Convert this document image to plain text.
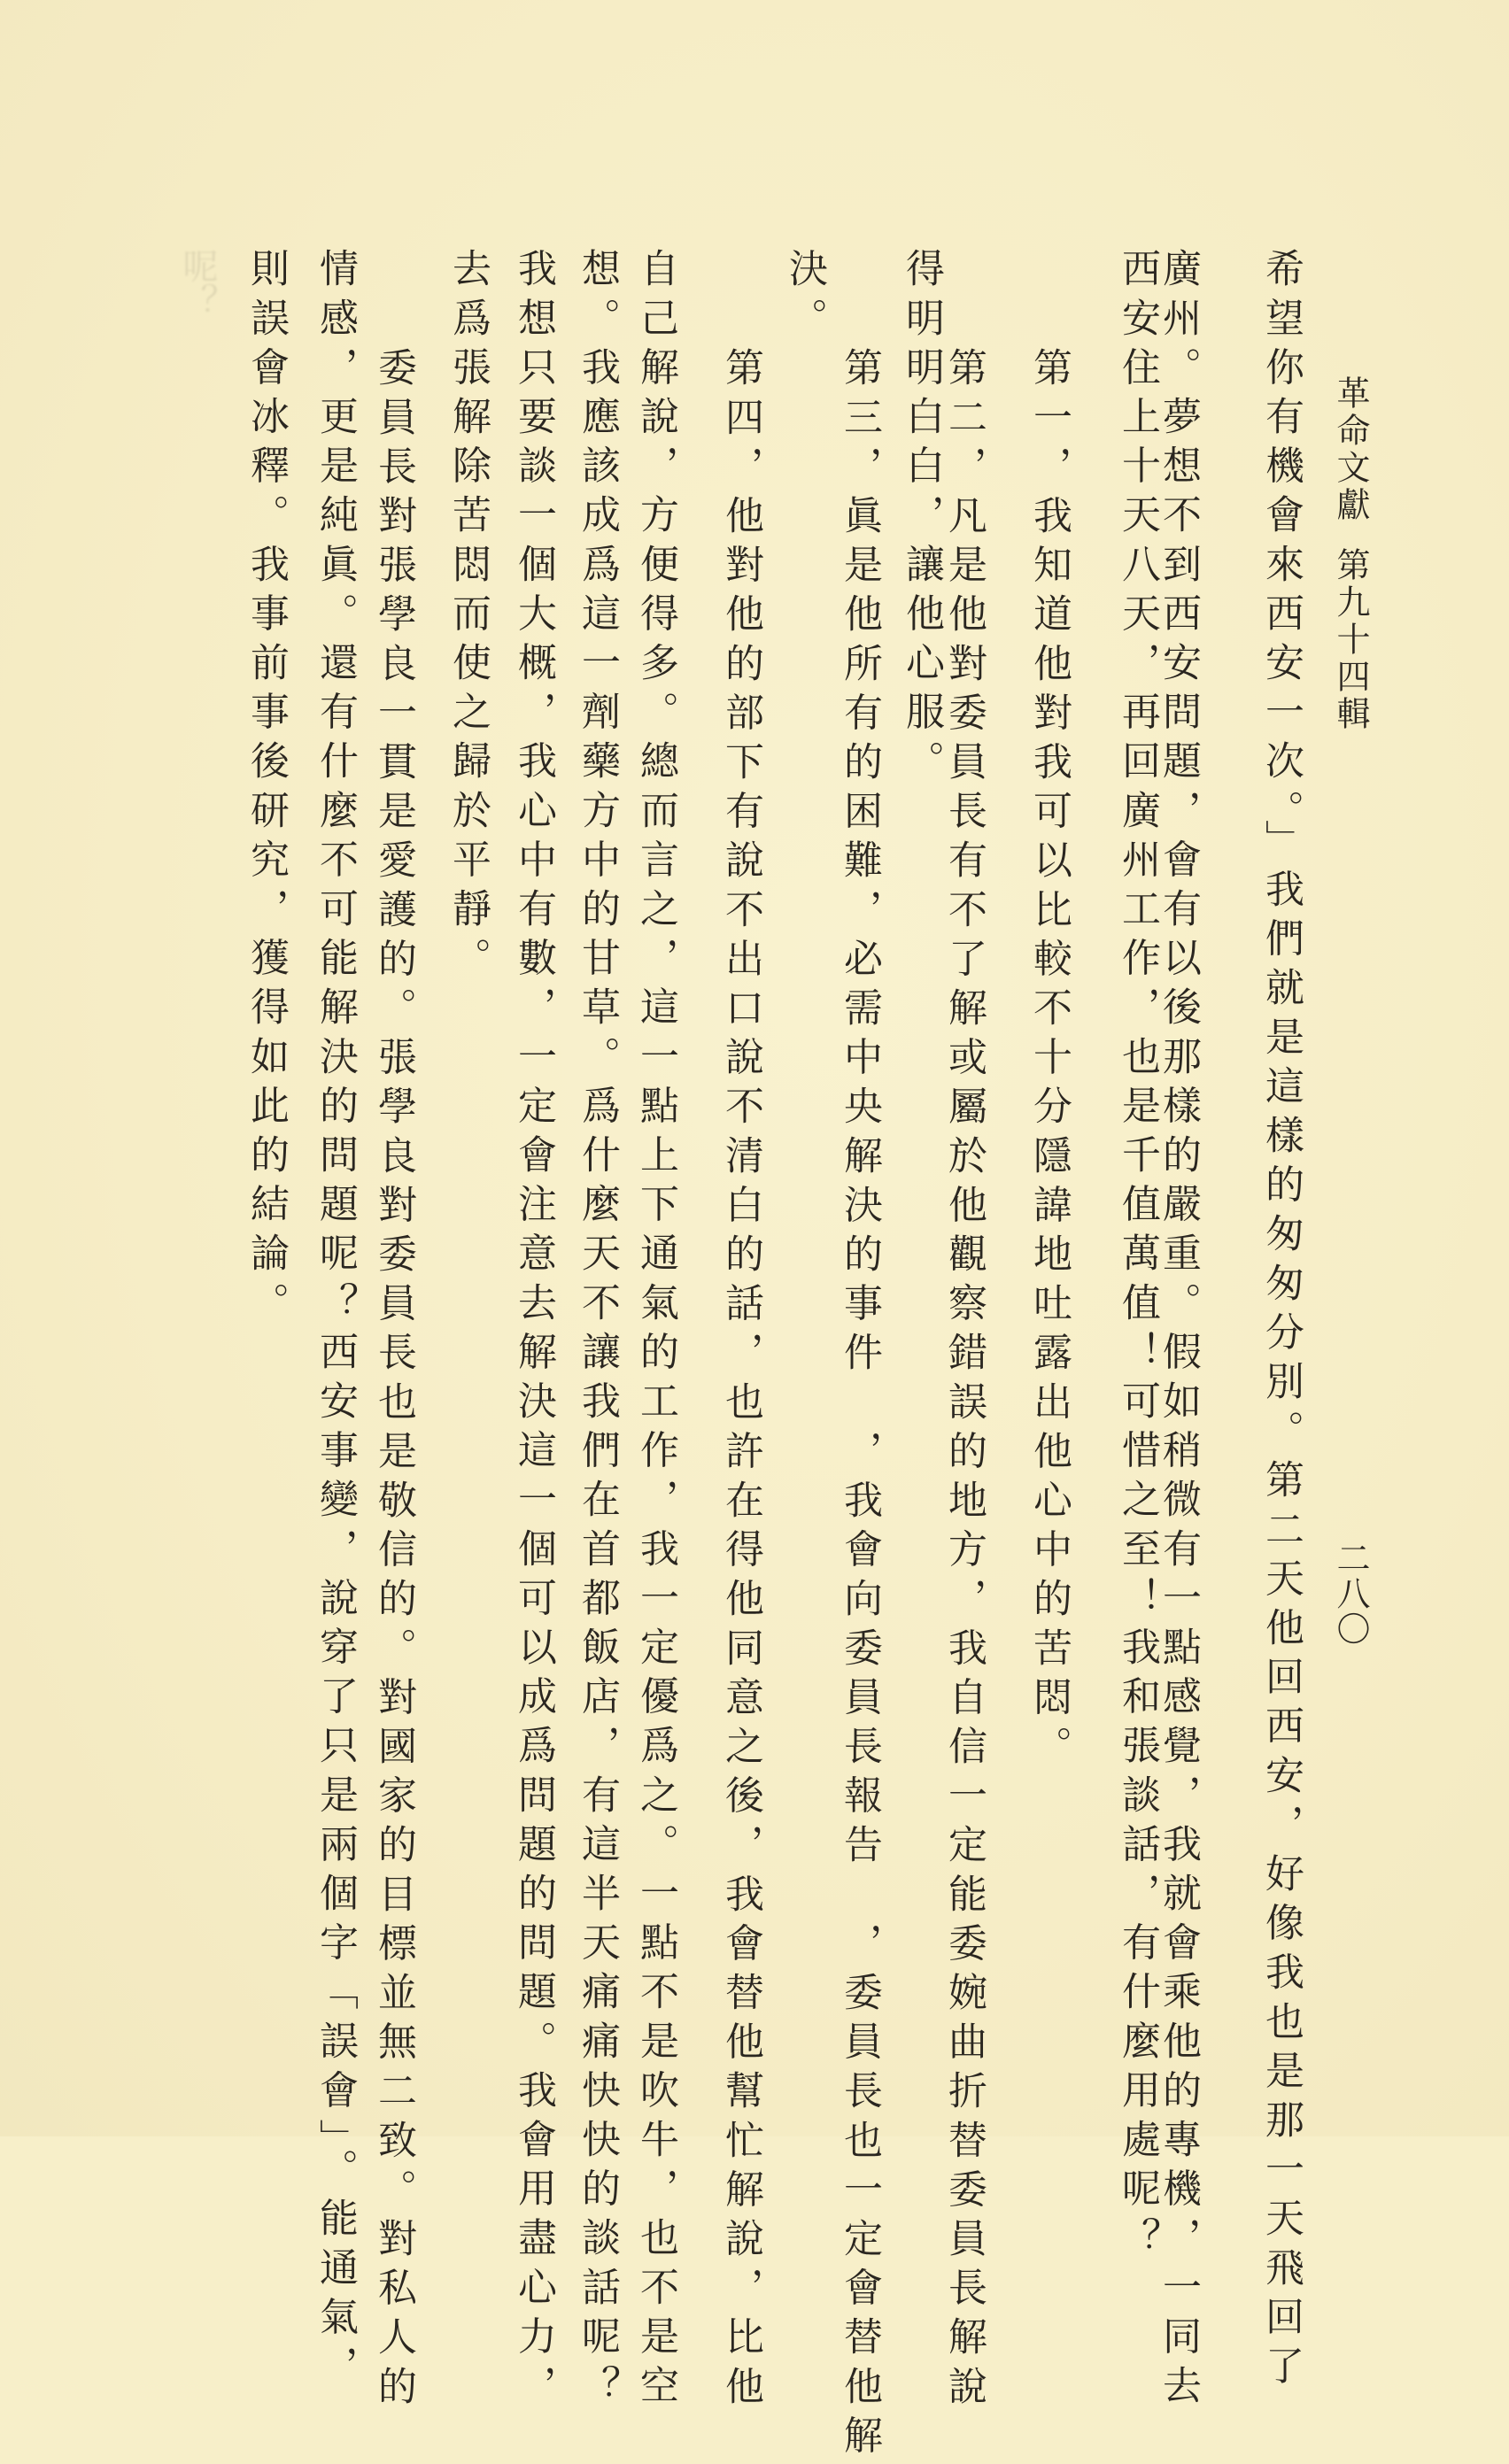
革命文獻第九十四輯
二八〇
希望你有機會來西安一次。」我們就是這樣的匆匆分別。第二天他回西安，好像我也是那一天飛回了
廣州。夢想不到西安問題，會有以後那樣的嚴重。假如稍微有一點感覺，我就會乘他的專機，一同去
西安住上十天八天，再回廣州工作，也是千值萬值！可惜之至！我和張談話，有什麼用處呢？
第一，我知道他對我可以比較不十分隱諱地吐露出他心中的苦悶。
第二，凡是他對委員長有不了解或屬於他觀察錯誤的地方，我自信一定能委婉曲折替委員長解說
得明明白白，讓他心服。
第三，眞是他所有的困難，必需中央解決的事件　，我會向委員長報告　，委員長也一定會替他解
決。
第四，他對他的部下有說不出口說不清白的話，也許在得他同意之後，我會替他幫忙解說，比他
自己解說，方便得多。總而言之，這一點上下通氣的工作，我一定優爲之。一點不是吹牛，也不是空
想。我應該成爲這一劑藥方中的甘草。爲什麼天不讓我們在首都飯店，有這半天痛痛快快的談話呢？
我想只要談一個大概，我心中有數，一定會注意去解決這一個可以成爲問題的問題。我會用盡心力，
去爲張解除苦悶而使之歸於平靜。
委員長對張學良一貫是愛護的。張學良對委員長也是敬信的。對國家的目標並無二致。對私人的
情感，更是純眞。還有什麼不可能解決的問題呢？西安事變，說穿了只是兩個字「誤會」。能通氣，
則誤會冰釋。我事前事後研究，獲得如此的結論。
呢？
